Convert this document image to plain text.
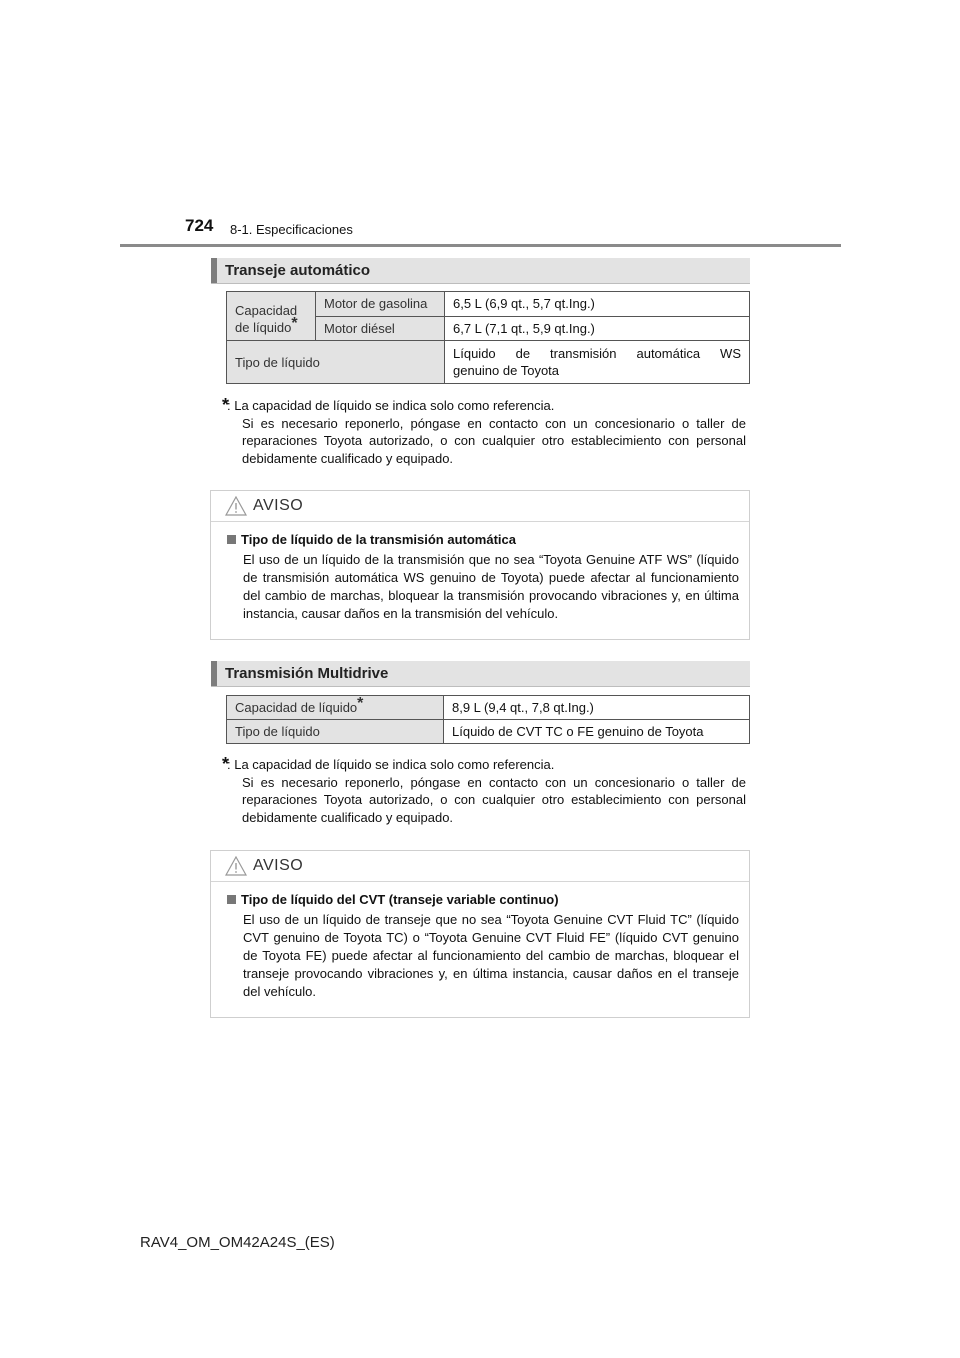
724 8-1. Especificaciones
Transeje automático
Capacidad de líquido*	Motor de gasolina	6,5 L (6,9 qt., 5,7 qt.Ing.)
	Motor diésel	6,7 L (7,1 qt., 5,9 qt.Ing.)
Tipo de líquido		Líquido de transmisión automática WS
genuino de Toyota
*
: La capacidad de líquido se indica solo como referencia.
Si es necesario reponerlo, póngase en contacto con un concesionario o taller de reparaciones Toyota autorizado, o con cualquier otro establecimiento con personal debidamente cualificado y equipado.
AVISO
Tipo de líquido de la transmisión automática
El uso de un líquido de la transmisión que no sea “Toyota Genuine ATF WS” (líquido de transmisión automática WS genuino de Toyota) puede afectar al funcionamiento del cambio de marchas, bloquear la transmisión provocando vibraciones y, en última instancia, causar daños en la transmisión del vehículo.
Transmisión Multidrive
Capacidad de líquido*	8,9 L (9,4 qt., 7,8 qt.Ing.)
Tipo de líquido	Líquido de CVT TC o FE genuino de Toyota
*
: La capacidad de líquido se indica solo como referencia.
Si es necesario reponerlo, póngase en contacto con un concesionario o taller de reparaciones Toyota autorizado, o con cualquier otro establecimiento con personal debidamente cualificado y equipado.
AVISO
Tipo de líquido del CVT (transeje variable continuo)
El uso de un líquido de transeje que no sea “Toyota Genuine CVT Fluid TC” (líquido CVT genuino de Toyota TC) o “Toyota Genuine CVT Fluid FE” (líquido CVT genuino de Toyota FE) puede afectar al funcionamiento del cambio de marchas, bloquear el transeje provocando vibraciones y, en última instancia, causar daños en el transeje del vehículo.
RAV4_OM_OM42A24S_(ES)
